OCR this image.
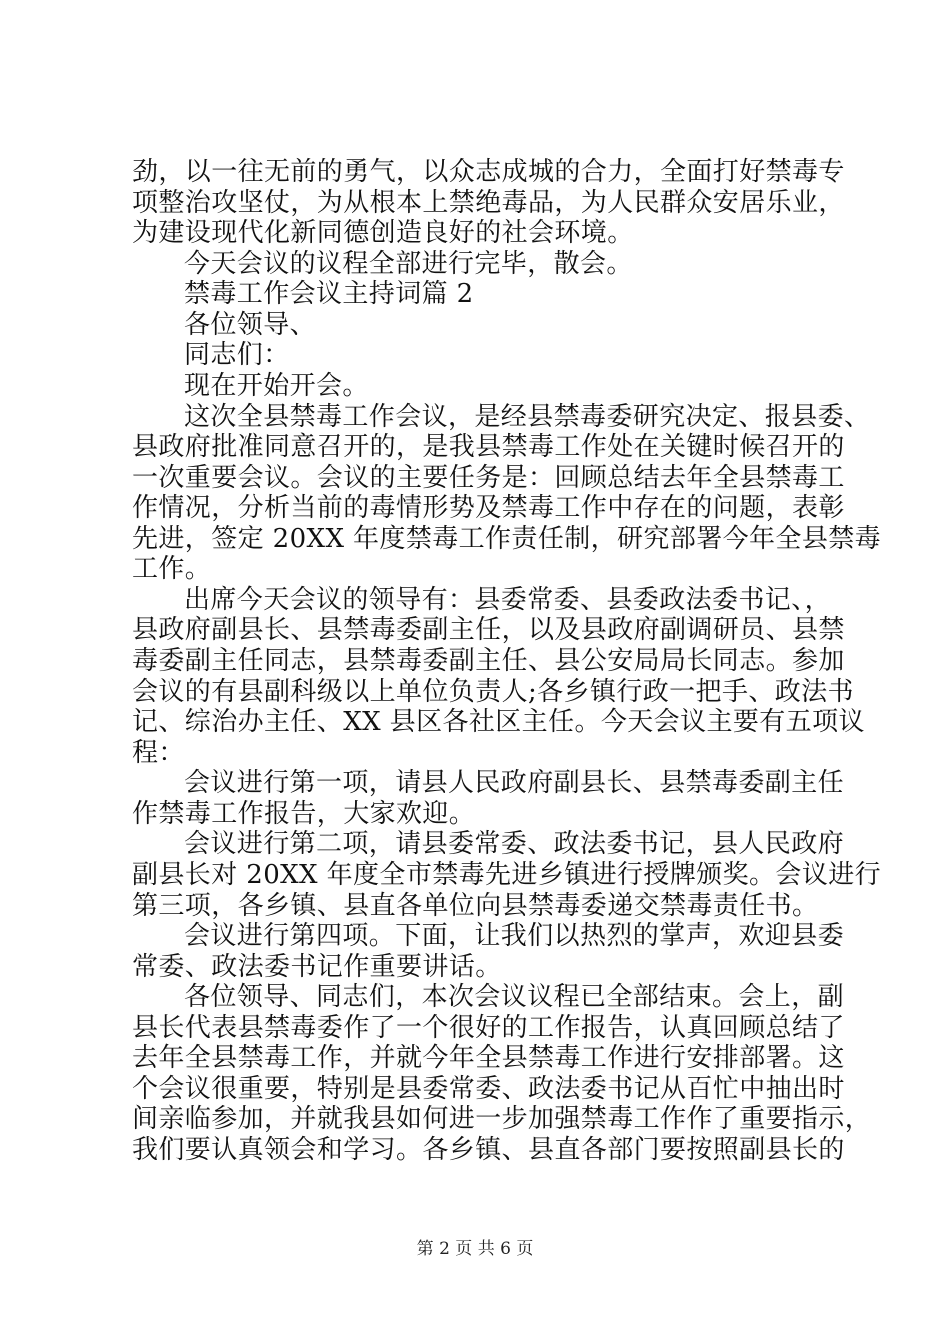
劲，以一往无前的勇气，以众志成城的合力，全面打好禁毒专
项整治攻坚仗，为从根本上禁绝毒品，为人民群众安居乐业，
为建设现代化新同德创造良好的社会环境。
今天会议的议程全部进行完毕，散会。
禁毒工作会议主持词篇 2
各位领导、
同志们：
现在开始开会。
这次全县禁毒工作会议，是经县禁毒委研究决定、报县委、
县政府批准同意召开的，是我县禁毒工作处在关键时候召开的
一次重要会议。会议的主要任务是：回顾总结去年全县禁毒工
作情况，分析当前的毒情形势及禁毒工作中存在的问题，表彰
先进，签定 20XX 年度禁毒工作责任制，研究部署今年全县禁毒
工作。
出席今天会议的领导有：县委常委、县委政法委书记、，
县政府副县长、县禁毒委副主任，以及县政府副调研员、县禁
毒委副主任同志，县禁毒委副主任、县公安局局长同志。参加
会议的有县副科级以上单位负责人;各乡镇行政一把手、政法书
记、综治办主任、XX 县区各社区主任。今天会议主要有五项议
程：
会议进行第一项，请县人民政府副县长、县禁毒委副主任
作禁毒工作报告，大家欢迎。
会议进行第二项，请县委常委、政法委书记，县人民政府
副县长对 20XX 年度全市禁毒先进乡镇进行授牌颁奖。会议进行
第三项，各乡镇、县直各单位向县禁毒委递交禁毒责任书。
会议进行第四项。下面，让我们以热烈的掌声，欢迎县委
常委、政法委书记作重要讲话。
各位领导、同志们，本次会议议程已全部结束。会上，副
县长代表县禁毒委作了一个很好的工作报告，认真回顾总结了
去年全县禁毒工作，并就今年全县禁毒工作进行安排部署。这
个会议很重要，特别是县委常委、政法委书记从百忙中抽出时
间亲临参加，并就我县如何进一步加强禁毒工作作了重要指示，
我们要认真领会和学习。各乡镇、县直各部门要按照副县长的
第 2 页 共 6 页
